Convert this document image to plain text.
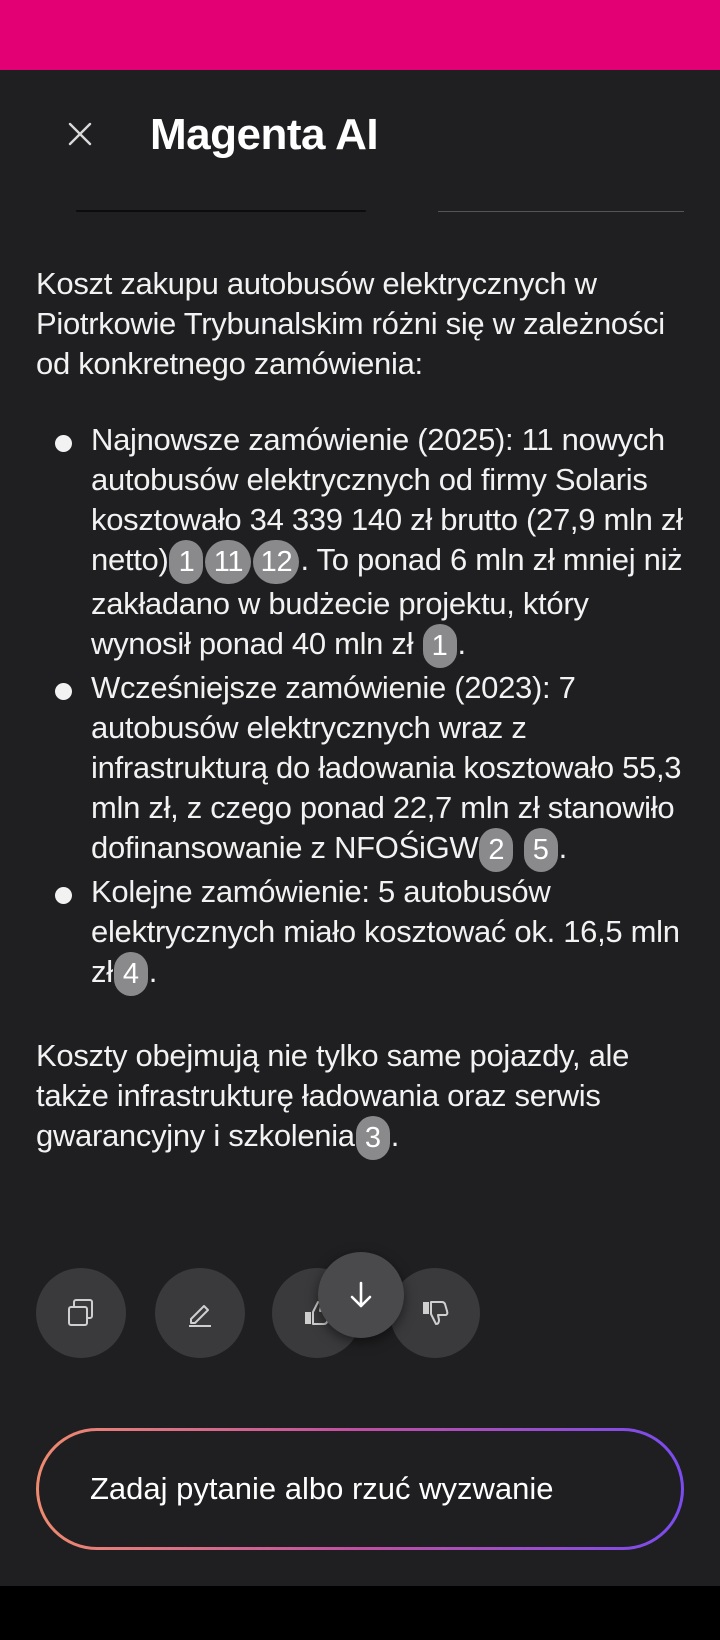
Magenta AI

Koszt zakupu autobusów elektrycznych w Piotrkowie Trybunalskim różni się w zależności od konkretnego zamówienia:

Najnowsze zamówienie (2025): 11 nowych autobusów elektrycznych od firmy Solaris kosztowało 34 339 140 zł brutto (27,9 mln zł netto) 1 11 12 . To ponad 6 mln zł mniej niż zakładano w budżecie projektu, który wynosił ponad 40 mln zł 1 .
Wcześniejsze zamówienie (2023): 7 autobusów elektrycznych wraz z infrastrukturą do ładowania kosztowało 55,3 mln zł, z czego ponad 22,7 mln zł stanowiło dofinansowanie z NFOŚiGW 2 5 .
Kolejne zamówienie: 5 autobusów elektrycznych miało kosztować ok. 16,5 mln zł 4 .

Koszty obejmują nie tylko same pojazdy, ale także infrastrukturę ładowania oraz serwis gwarancyjny i szkolenia 3 .

Zadaj pytanie albo rzuć wyzwanie
